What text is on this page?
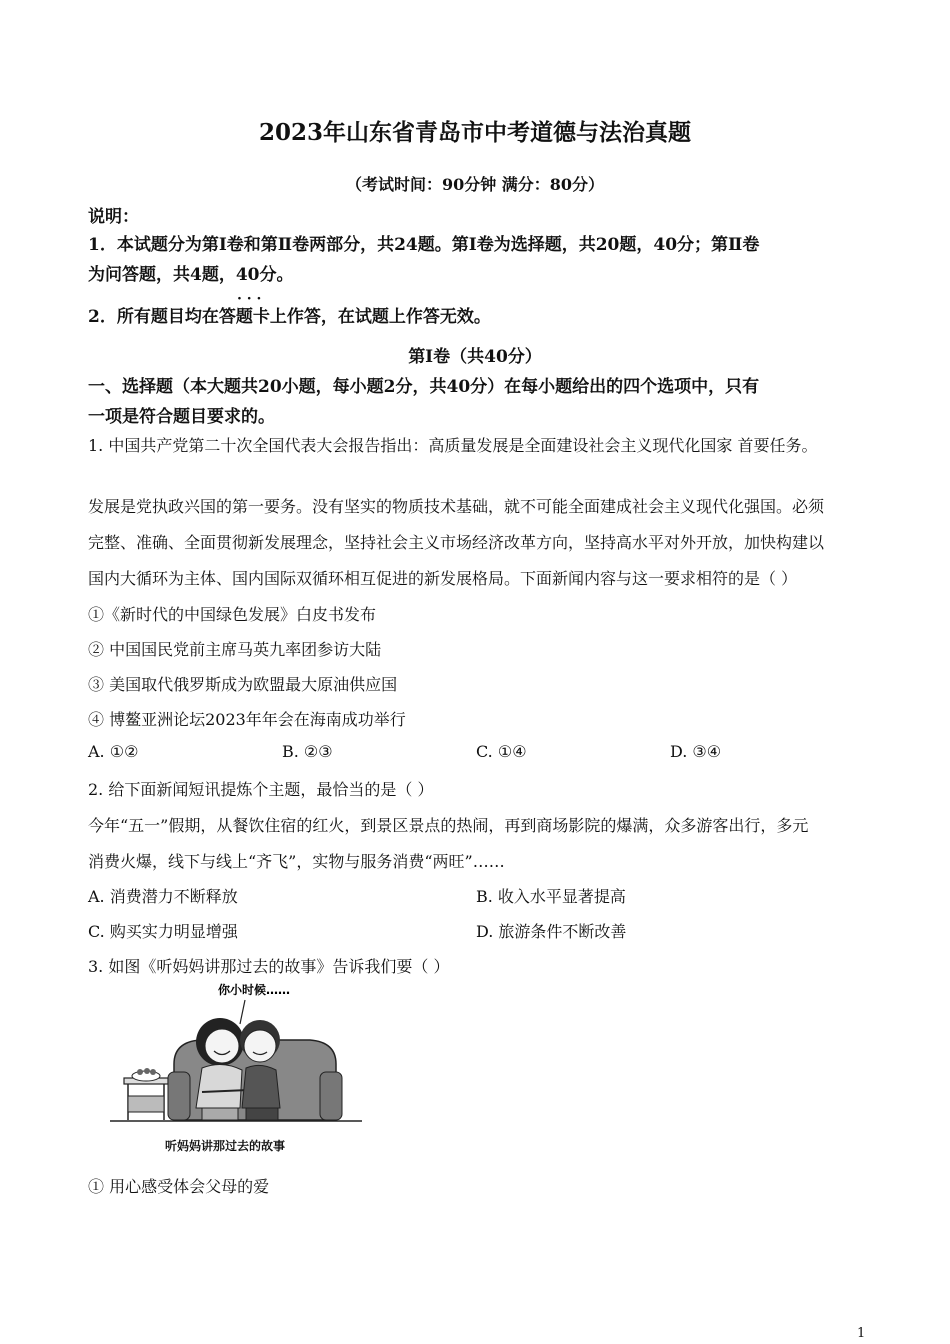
2023年山东省青岛市中考道德与法治真题
（考试时间：90分钟 满分：80分）
说明：
1．本试题分为第Ⅰ卷和第Ⅱ卷两部分，共24题。第Ⅰ卷为选择题，共20题，40分；第Ⅱ卷
为问答题，共4题，40分。
· · ·
2．所有题目均在答题卡上作答，在试题上作答无效。
第Ⅰ卷（共40分）
一、选择题（本大题共20小题，每小题2分，共40分）在每小题给出的四个选项中，只有
一项是符合题目要求的。
1. 中国共产党第二十次全国代表大会报告指出：高质量发展是全面建设社会主义现代化国家 首要任务。
发展是党执政兴国的第一要务。没有坚实的物质技术基础，就不可能全面建成社会主义现代化强国。必须
完整、准确、全面贯彻新发展理念，坚持社会主义市场经济改革方向，坚持高水平对外开放，加快构建以
国内大循环为主体、国内国际双循环相互促进的新发展格局。下面新闻内容与这一要求相符的是（ ）
①《新时代的中国绿色发展》白皮书发布
② 中国国民党前主席马英九率团参访大陆
③ 美国取代俄罗斯成为欧盟最大原油供应国
④ 博鳌亚洲论坛2023年年会在海南成功举行
A. ①②	B. ②③	C. ①④	D. ③④
2. 给下面新闻短讯提炼个主题，最恰当的是（ ）
今年“五一”假期，从餐饮住宿的红火，到景区景点的热闹，再到商场影院的爆满，众多游客出行，多元
消费火爆，线下与线上“齐飞”，实物与服务消费“两旺”……
A. 消费潜力不断释放	B. 收入水平显著提高
C. 购买实力明显增强	D. 旅游条件不断改善
3. 如图《听妈妈讲那过去的故事》告诉我们要（ ）
你小时候……
听妈妈讲那过去的故事
① 用心感受体会父母的爱
1
